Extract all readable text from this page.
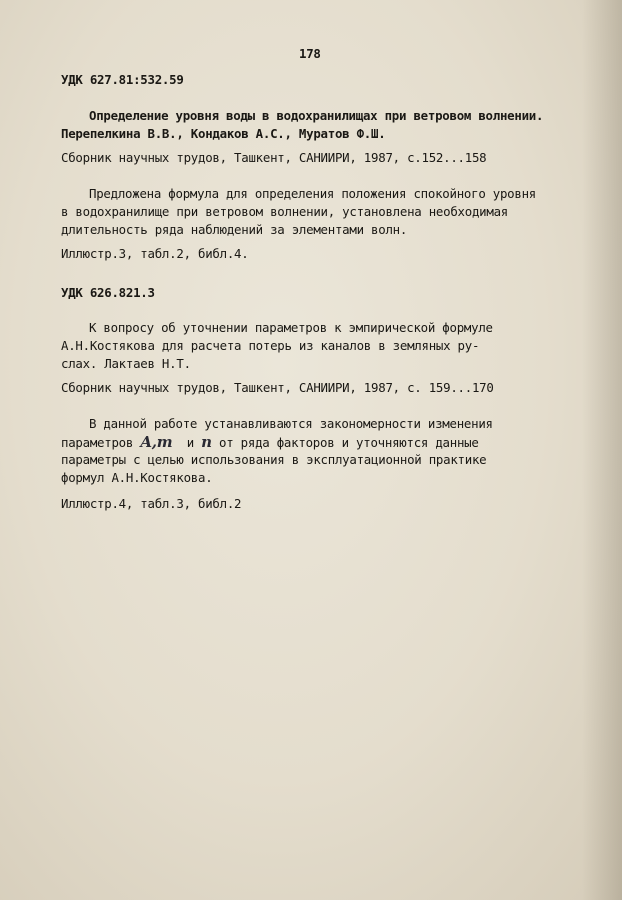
178
УДК 627.81:532.59
Определение уровня воды в водохранилищах при ветровом волнении.
Перепелкина В.В., Кондаков А.С., Муратов Ф.Ш.
Сборник научных трудов, Ташкент, САНИИРИ, 1987, с.152...158
Предложена формула для определения положения спокойного уровня
в водохранилище при ветровом волнении, установлена необходимая
длительность ряда наблюдений за элементами волн.
Иллюстр.3, табл.2, библ.4.
УДК 626.821.3
К вопросу об уточнении параметров к эмпирической формуле
А.Н.Костякова для расчета потерь из каналов в земляных ру-
слах. Лактаев Н.Т.
Сборник научных трудов, Ташкент, САНИИРИ, 1987, с. 159...170
В данной работе устанавливаются закономерности изменения
параметров A,m и n от ряда факторов и уточняются данные
параметры с целью использования в эксплуатационной практике
формул А.Н.Костякова.
Иллюстр.4, табл.3, библ.2
